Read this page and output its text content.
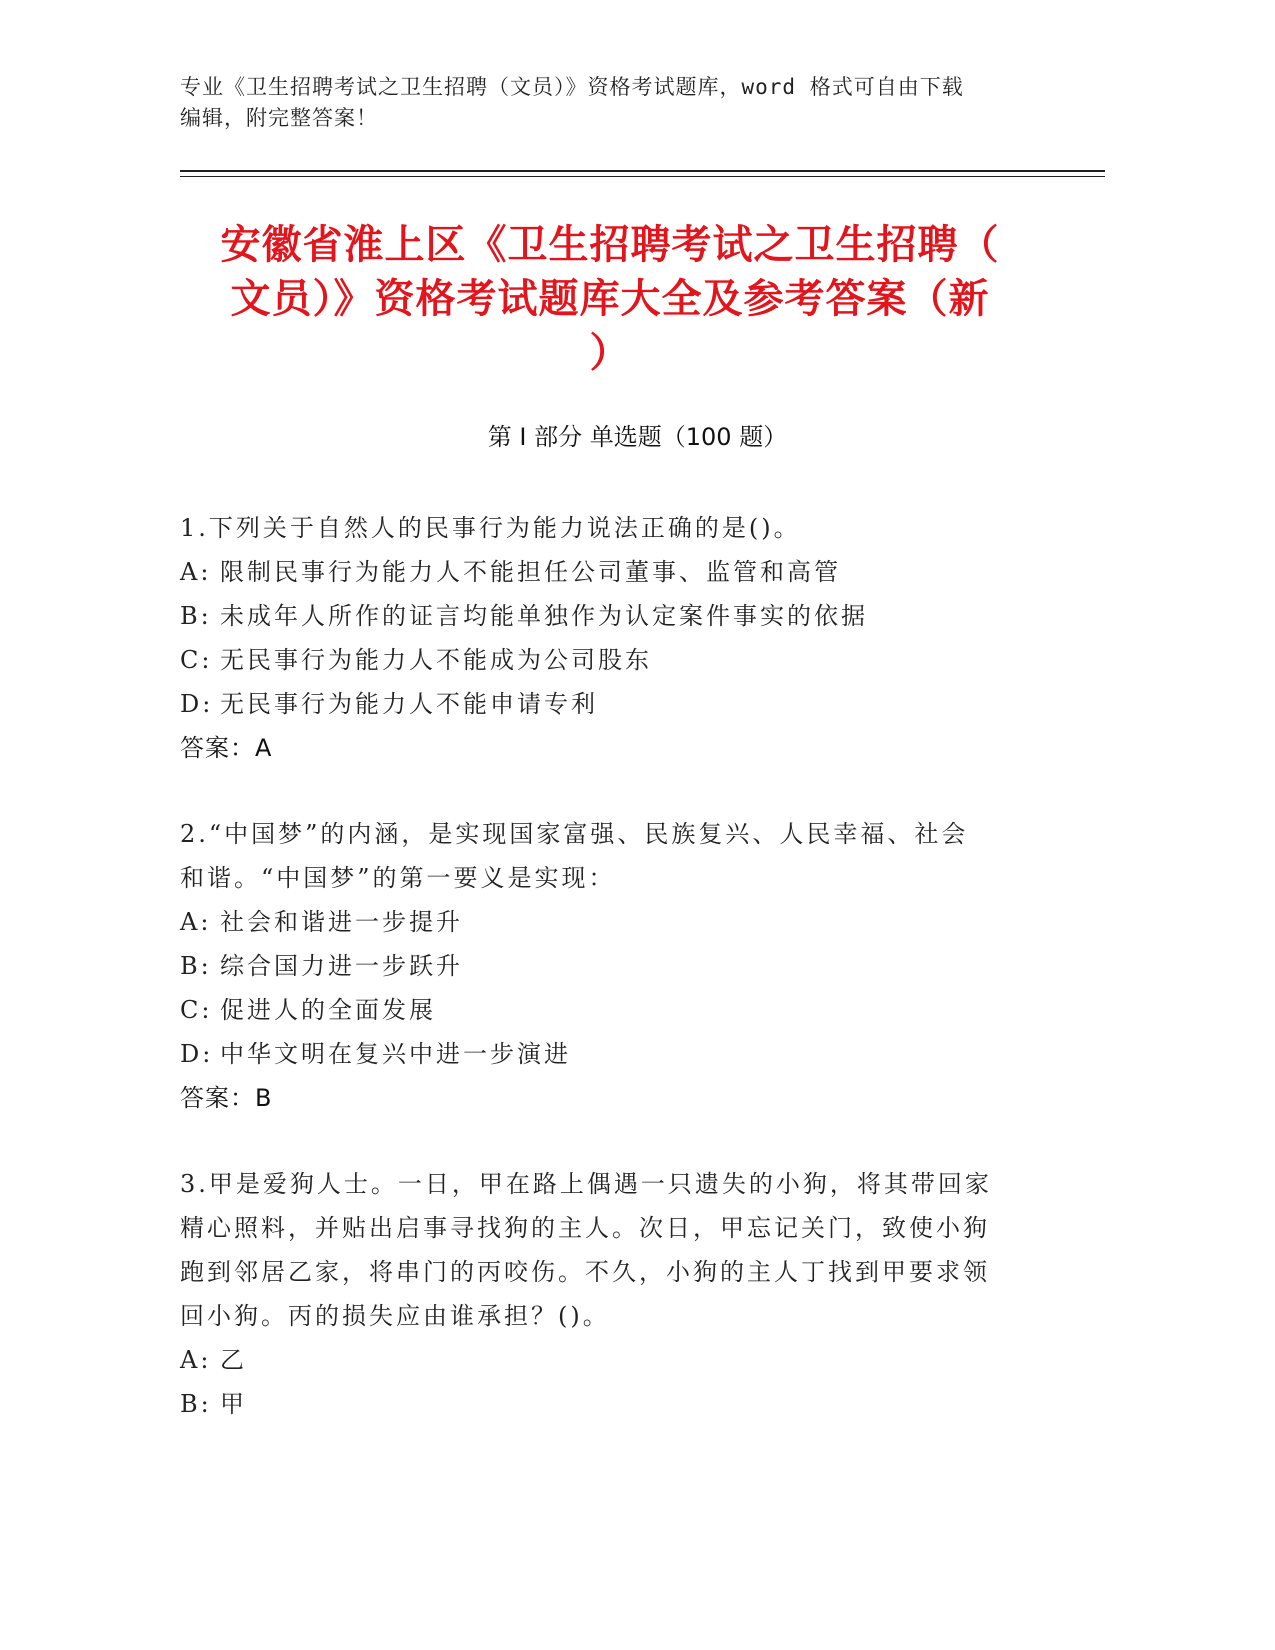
专业《卫生招聘考试之卫生招聘（文员）》资格考试题库，word 格式可自由下载
编辑，附完整答案！
安徽省淮上区《卫生招聘考试之卫生招聘（
文员）》资格考试题库大全及参考答案（新
）
第 I 部分 单选题（100 题）
1.下列关于自然人的民事行为能力说法正确的是()。
A: 限制民事行为能力人不能担任公司董事、监管和高管
B: 未成年人所作的证言均能单独作为认定案件事实的依据
C: 无民事行为能力人不能成为公司股东
D: 无民事行为能力人不能申请专利
答案：A
2.“中国梦”的内涵，是实现国家富强、民族复兴、人民幸福、社会
和谐。“中国梦”的第一要义是实现：
A: 社会和谐进一步提升
B: 综合国力进一步跃升
C: 促进人的全面发展
D: 中华文明在复兴中进一步演进
答案：B
3.甲是爱狗人士。一日，甲在路上偶遇一只遗失的小狗，将其带回家
精心照料，并贴出启事寻找狗的主人。次日，甲忘记关门，致使小狗
跑到邻居乙家，将串门的丙咬伤。不久，小狗的主人丁找到甲要求领
回小狗。丙的损失应由谁承担？()。
A: 乙
B: 甲
